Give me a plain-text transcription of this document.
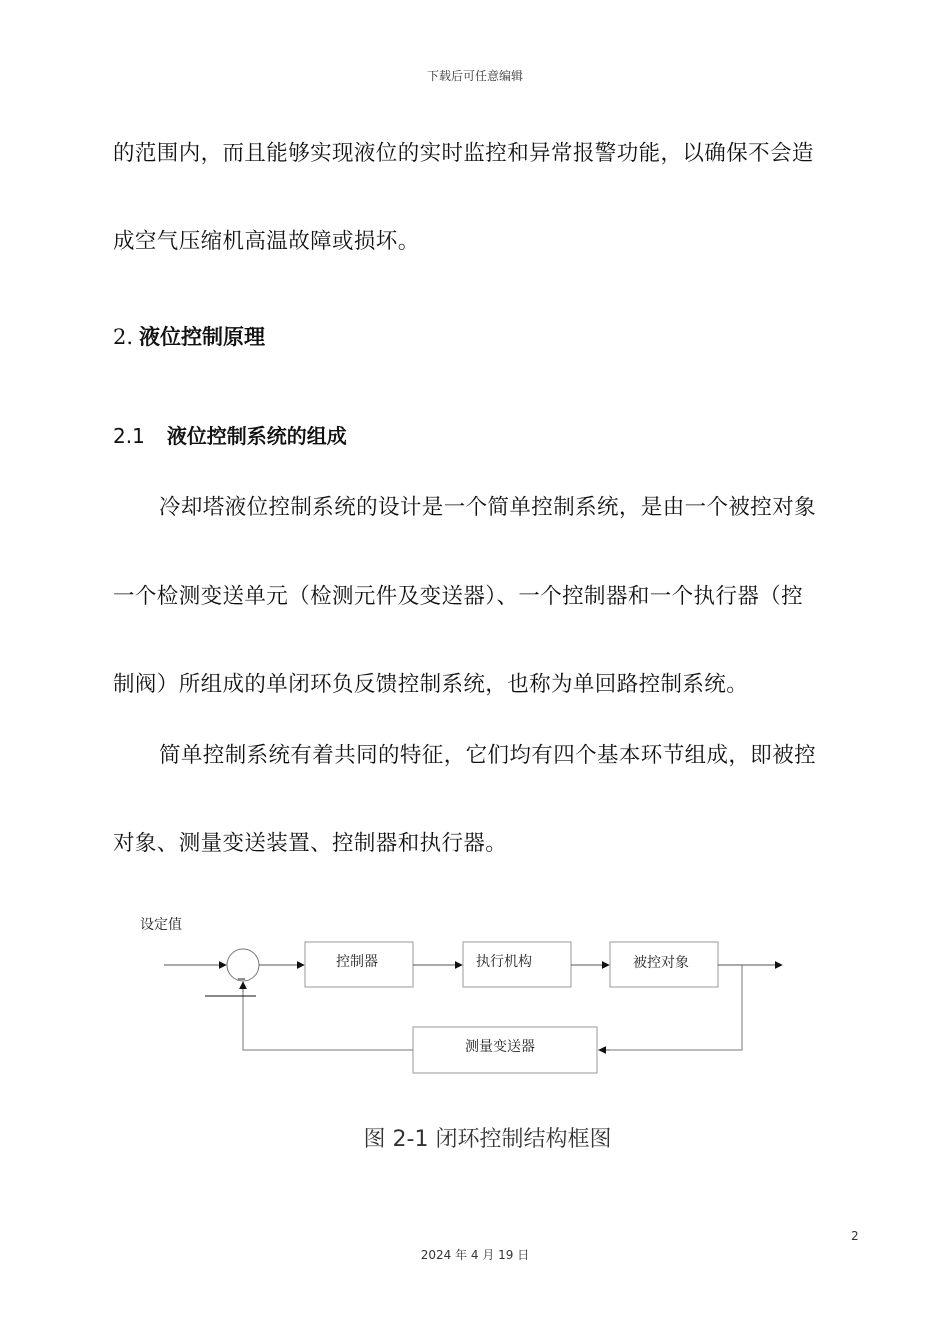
下载后可任意编辑
的范围内，而且能够实现液位的实时监控和异常报警功能，以确保不会造
成空气压缩机高温故障或损坏。
2. 液位控制原理
2.1 液位控制系统的组成
冷却塔液位控制系统的设计是一个简单控制系统，是由一个被控对象
一个检测变送单元（检测元件及变送器）、一个控制器和一个执行器（控
制阀）所组成的单闭环负反馈控制系统，也称为单回路控制系统。
简单控制系统有着共同的特征，它们均有四个基本环节组成，即被控
对象、测量变送装置、控制器和执行器。
设定值
_
控制器	执行机构	被控对象
测量变送器
图 2-1 闭环控制结构框图
2
2024 年 4 月 19 日
